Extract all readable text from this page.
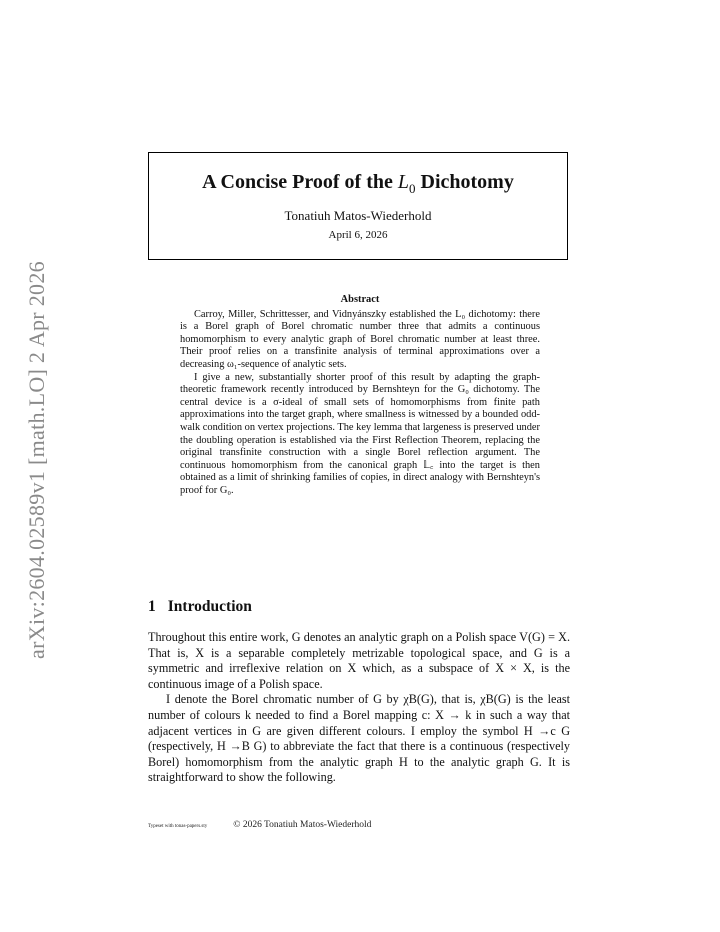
arXiv:2604.02589v1 [math.LO] 2 Apr 2026
A Concise Proof of the $L_0$ Dichotomy
Tonatiuh Matos-Wiederhold
April 6, 2026
Abstract

Carroy, Miller, Schrittesser, and Vidnyánszky established the L₀ dichotomy: there is a Borel graph of Borel chromatic number three that admits a continuous homomorphism to every analytic graph of Borel chromatic number at least three. Their proof relies on a transfinite analysis of terminal approximations over a decreasing ω₁-sequence of analytic sets.

I give a new, substantially shorter proof of this result by adapting the graph-theoretic framework recently introduced by Bernshteyn for the G₀ dichotomy. The central device is a σ-ideal of small sets of homomorphisms from finite path approximations into the target graph, where smallness is witnessed by a bounded odd-walk condition on vertex projections. The key lemma that largeness is preserved under the doubling operation is established via the First Reflection Theorem, replacing the original transfinite construction with a single Borel reflection argument. The continuous homomorphism from the canonical graph 𝕃꜀ into the target is then obtained as a limit of shrinking families of copies, in direct analogy with Bernshteyn's proof for G₀.

1 Introduction

Throughout this entire work, G denotes an analytic graph on a Polish space V(G) = X. That is, X is a separable completely metrizable topological space, and G is a symmetric and irreflexive relation on X which, as a subspace of X × X, is the continuous image of a Polish space.

I denote the Borel chromatic number of G by χB(G), that is, χB(G) is the least number of colours k needed to find a Borel mapping c: X → k in such a way that adjacent vertices in G are given different colours. I employ the symbol H →c G (respectively, H →B G) to abbreviate the fact that there is a continuous (respectively Borel) homomorphism from the analytic graph H to the analytic graph G. It is straightforward to show the following.

Typeset with tonas-papers.sty	© 2026 Tonatiuh Matos-Wiederhold
